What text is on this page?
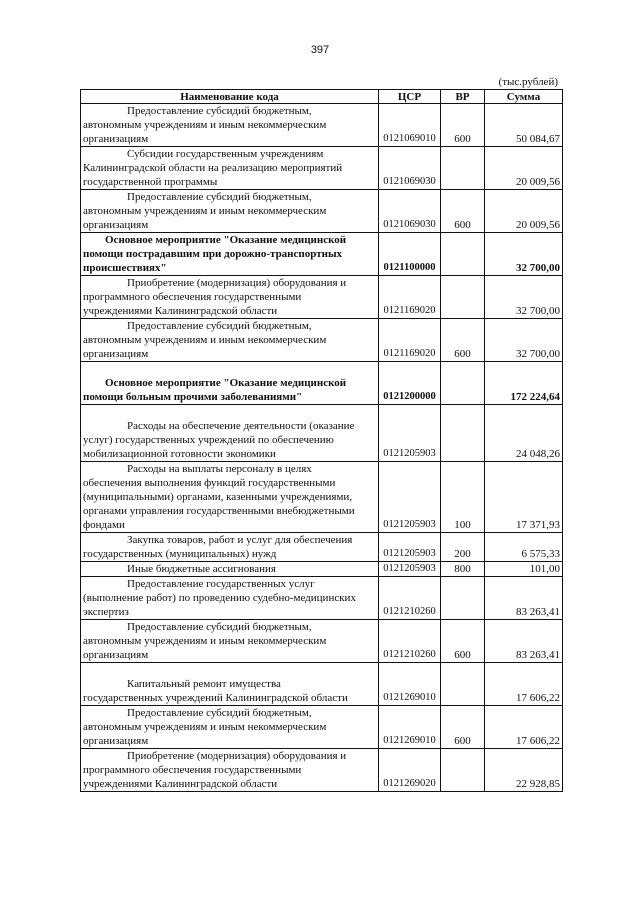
397
(тыс.рублей)
Наименование кода	ЦСР	ВР	Сумма
Предоставление субсидий бюджетным,
автономным учреждениям и иным некоммерческим
организациям	0121069010	600	50 084,67
Субсидии государственным учреждениям
Калининградской области на реализацию мероприятий
государственной программы	0121069030		20 009,56
Предоставление субсидий бюджетным,
автономным учреждениям и иным некоммерческим
организациям	0121069030	600	20 009,56
Основное мероприятие "Оказание медицинской
помощи пострадавшим при дорожно-транспортных
происшествиях"	0121100000		32 700,00
Приобретение (модернизация) оборудования и
программного обеспечения государственными
учреждениями Калининградской области	0121169020		32 700,00
Предоставление субсидий бюджетным,
автономным учреждениям и иным некоммерческим
организациям	0121169020	600	32 700,00
Основное мероприятие "Оказание медицинской
помощи больным прочими заболеваниями"	0121200000		172 224,64
Расходы на обеспечение деятельности (оказание
услуг) государственных учреждений по обеспечению
мобилизационной готовности экономики	0121205903		24 048,26
Расходы на выплаты персоналу в целях
обеспечения выполнения функций государственными
(муниципальными) органами, казенными учреждениями,
органами управления государственными внебюджетными
фондами	0121205903	100	17 371,93
Закупка товаров, работ и услуг для обеспечения
государственных (муниципальных) нужд	0121205903	200	6 575,33
Иные бюджетные ассигнования	0121205903	800	101,00
Предоставление государственных услуг
(выполнение работ) по проведению судебно-медицинских
экспертиз	0121210260		83 263,41
Предоставление субсидий бюджетным,
автономным учреждениям и иным некоммерческим
организациям	0121210260	600	83 263,41
Капитальный ремонт имущества
государственных учреждений Калининградской области	0121269010		17 606,22
Предоставление субсидий бюджетным,
автономным учреждениям и иным некоммерческим
организациям	0121269010	600	17 606,22
Приобретение (модернизация) оборудования и
программного обеспечения государственными
учреждениями Калининградской области	0121269020		22 928,85
